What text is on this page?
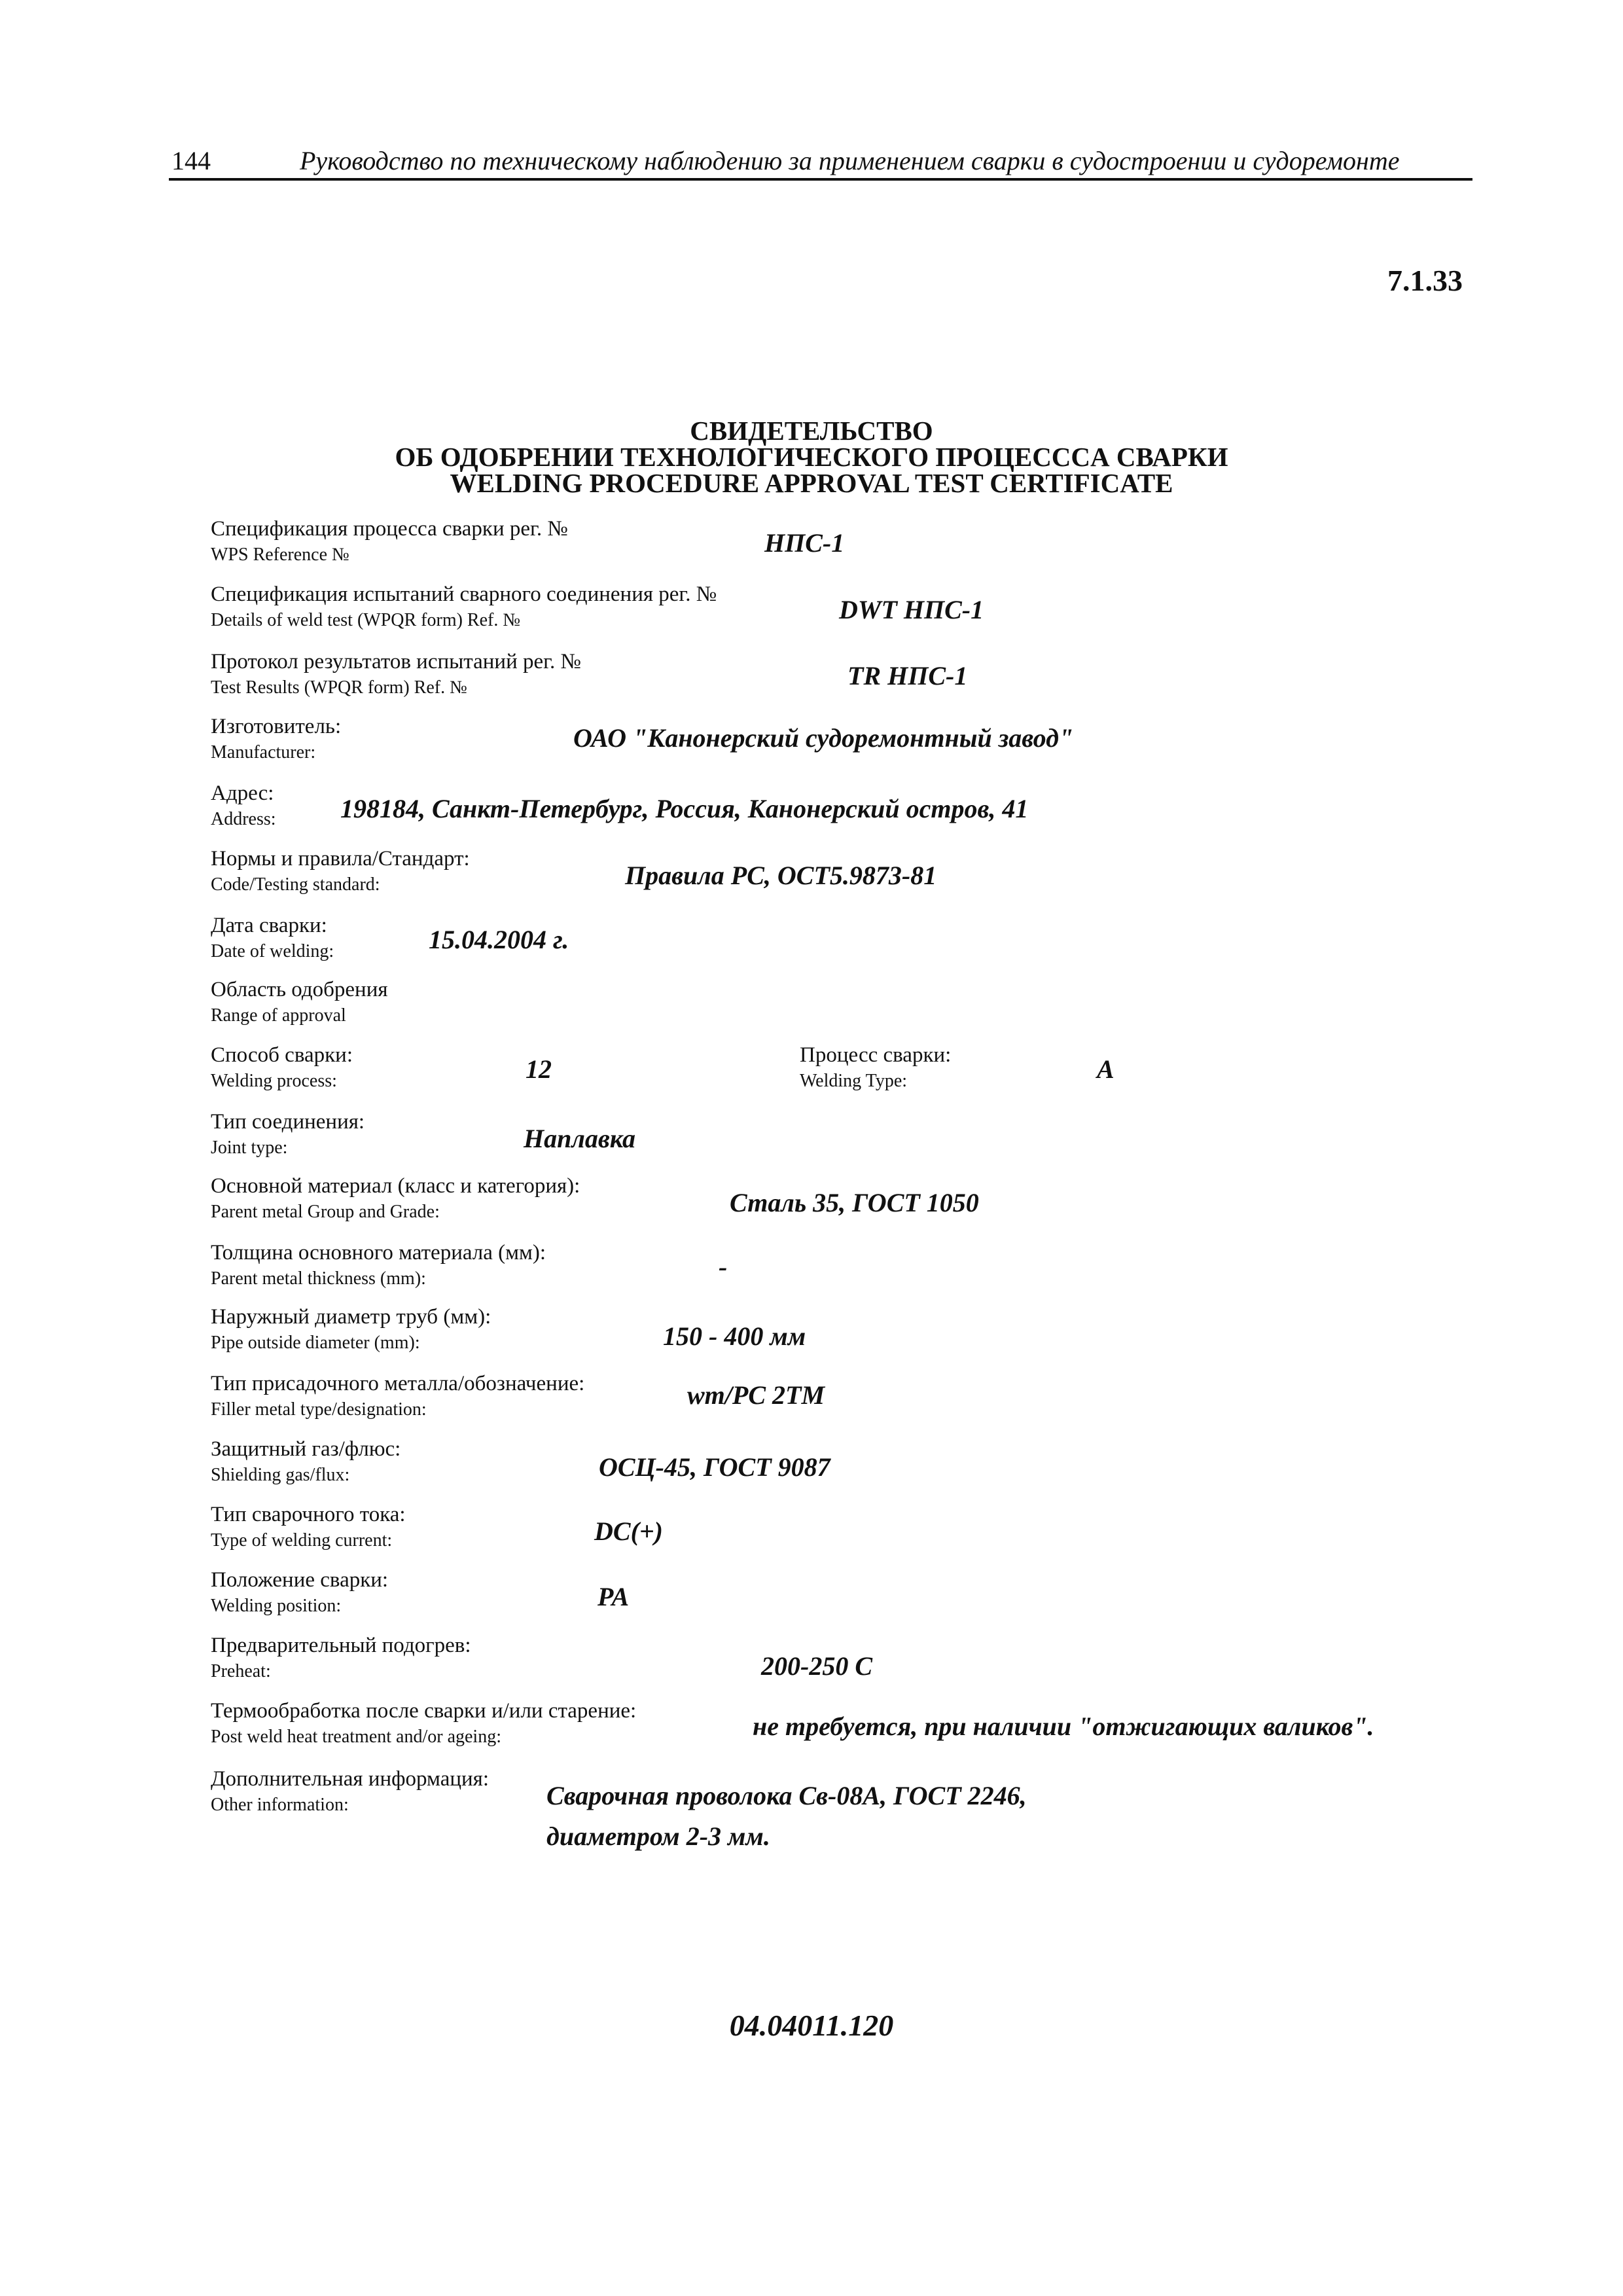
144	Руководство по техническому наблюдению за применением сварки в судостроении и судоремонте
7.1.33
СВИДЕТЕЛЬСТВО
ОБ ОДОБРЕНИИ ТЕХНОЛОГИЧЕСКОГО ПРОЦЕССCА СВАРКИ
WELDING PROCEDURE APPROVAL TEST CERTIFICATE
Спецификация процесса сварки рег. №
WPS Reference №	НПС-1
Спецификация испытаний сварного соединения рег. №
Details of weld test (WPQR form) Ref. №	DWT НПС-1
Протокол результатов испытаний рег. №
Test Results (WPQR form) Ref. №	TR НПС-1
Изготовитель:
Manufacturer:	ОАО "Канонерский судоремонтный завод"
Адрес:
Address: 198184, Санкт-Петербург, Россия, Канонерский остров, 41
Нормы и правила/Стандарт:
Code/Testing standard:	Правила РС, ОСТ5.9873-81
Дата сварки:
Date of welding:	15.04.2004 г.
Область одобрения
Range of approval
Способ сварки:
Welding process:	12	Процесс сварки:
Welding Type:	A
Тип соединения:
Joint type:	Наплавка
Основной материал (класс и категория):
Parent metal Group and Grade:	Сталь 35, ГОСТ 1050
Толщина основного материала (мм):
Parent metal thickness (mm):	-
Наружный диаметр труб (мм):
Pipe outside diameter (mm):	150 - 400 мм
Тип присадочного металла/обозначение:
Filler metal type/designation:	wm/PC 2TM
Защитный газ/флюс:
Shielding gas/flux:	ОСЦ-45, ГОСТ 9087
Тип сварочного тока:
Type of welding current:	DC(+)
Положение сварки:
Welding position:	PA
Предварительный подогрев:
Preheat:	200-250 С
Термообработка после сварки и/или старение:
Post weld heat treatment and/or ageing:	не требуется, при наличии "отжигающих валиков".
Дополнительная информация:
Other information:	Сварочная проволока Св-08А, ГОСТ 2246,
диаметром 2-3 мм.
04.04011.120
